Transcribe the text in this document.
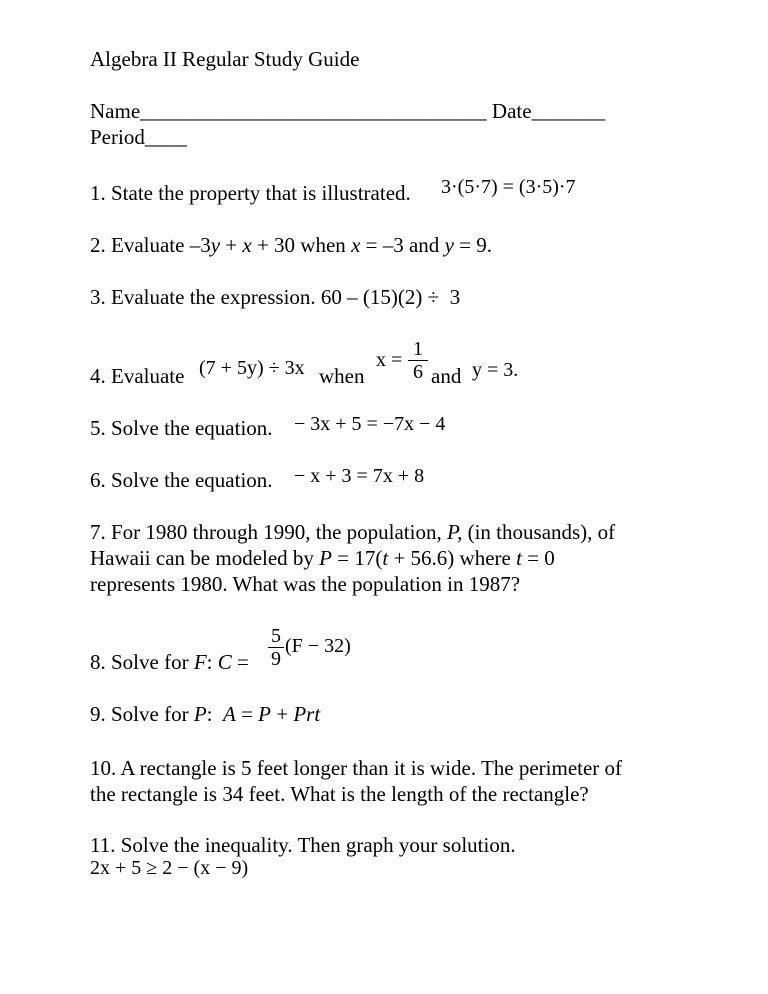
Algebra II Regular Study Guide
Name_________________________________ Date_______
Period____
1. State the property that is illustrated. 3·(5·7) = (3·5)·7
2. Evaluate –3y + x + 30 when x = –3 and y = 9.
3. Evaluate the expression. 60 – (15)(2) ÷ 3
4. Evaluate (7 + 5y) ÷ 3x when
x = 1
6 and y = 3.
5. Solve the equation. − 3x + 5 = −7x − 4
6. Solve the equation. − x + 3 = 7x + 8
7. For 1980 through 1990, the population, P, (in thousands), of
Hawaii can be modeled by P = 17(t + 56.6) where t = 0
represents 1980. What was the population in 1987?
8. Solve for F: C =
5
9
(F − 32)
9. Solve for P:  A = P + Prt
10. A rectangle is 5 feet longer than it is wide. The perimeter of
the rectangle is 34 feet. What is the length of the rectangle?
11. Solve the inequality. Then graph your solution.
2x + 5 ≥ 2 − (x − 9)
